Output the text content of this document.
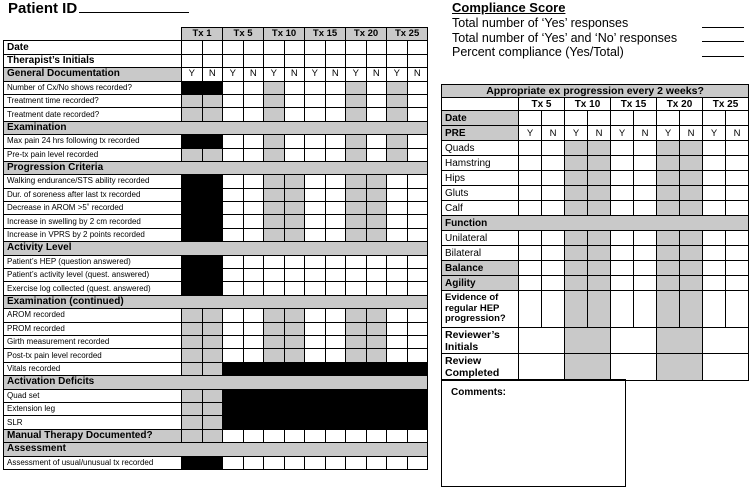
Patient ID	Compliance Score
Total number of ‘Yes’ responses
Total number of ‘Yes’ and ‘No’ responses
Percent compliance (Yes/Total)
	Tx 1		Tx 5		Tx 10		Tx 15		Tx 20		Tx 25	
Date												
Therapist’s Initials												
General Documentation	Y	N	Y	N	Y	N	Y	N	Y	N	Y	N
Number of Cx/No shows recorded?												
Treatment time recorded?												
Treatment date recorded?												
Examination												
Max pain 24 hrs following tx recorded												
Pre-tx pain level recorded												
Progression Criteria												
Walking endurance/STS ability recorded												
Dur. of soreness after last tx recorded												
Decrease in AROM >5˚ recorded												
Increase in swelling by 2 cm recorded												
Increase in VPRS by 2 points recorded												
Activity Level												
Patient’s HEP (question answered)												
Patient’s activity level (quest. answered)												
Exercise log collected (quest. answered)												
Examination (continued)												
AROM recorded												
PROM recorded												
Girth measurement recorded												
Post-tx pain level recorded												
Vitals recorded												
Activation Deficits												
Quad set												
Extension leg												
SLR												
Manual Therapy Documented?												
Assessment												
Assessment of usual/unusual tx recorded												
Appropriate ex progression every 2 weeks?										
	Tx 5		Tx 10		Tx 15		Tx 20		Tx 25	
Date										
PRE	Y	N	Y	N	Y	N	Y	N	Y	N
Quads										
Hamstring										
Hips										
Gluts										
Calf										
Function										
Unilateral										
Bilateral										
Balance										
Agility										
Evidence of regular HEP progression?										
Reviewer’s Initials										
Review Completed										
Comments:
